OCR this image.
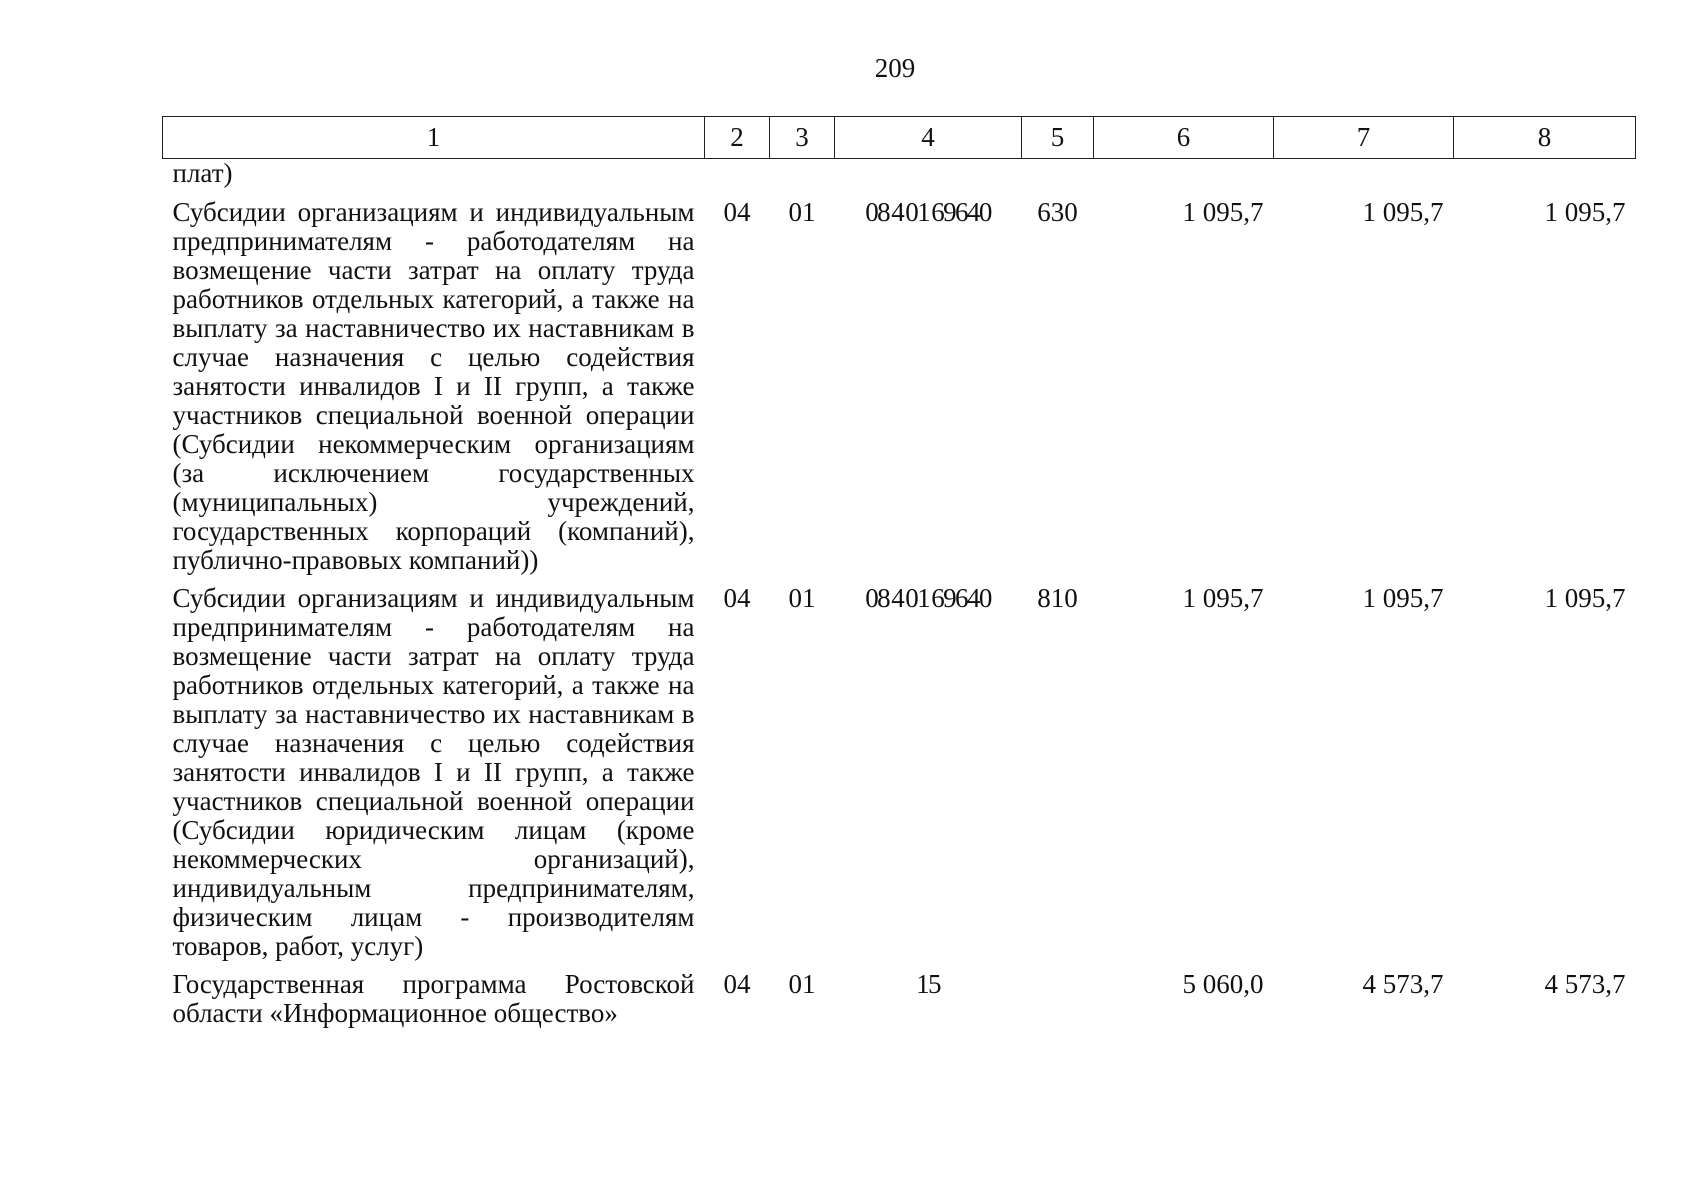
209
1	2	3	4	5	6	7	8
плат)							
Субсидии организациям и индивидуальным предпринимателям - работодателям на возмещение части затрат на оплату труда работников отдельных категорий, а также на выплату за наставничество их наставникам в случае назначения с целью содействия занятости инвалидов I и II групп, а также участников специальной военной операции (Субсидии некоммерческим организациям (за исключением государственных (муниципальных) учреждений, государственных корпораций (компаний), публично-правовых компаний))	04	01	08 4 01 69640	630	1 095,7	1 095,7	1 095,7
Субсидии организациям и индивидуальным предпринимателям - работодателям на возмещение части затрат на оплату труда работников отдельных категорий, а также на выплату за наставничество их наставникам в случае назначения с целью содействия занятости инвалидов I и II групп, а также участников специальной военной операции (Субсидии юридическим лицам (кроме некоммерческих организаций), индивидуальным предпринимателям, физическим лицам - производителям товаров, работ, услуг)	04	01	08 4 01 69640	810	1 095,7	1 095,7	1 095,7
Государственная программа Ростовской области «Информационное общество»	04	01	15		5 060,0	4 573,7	4 573,7
